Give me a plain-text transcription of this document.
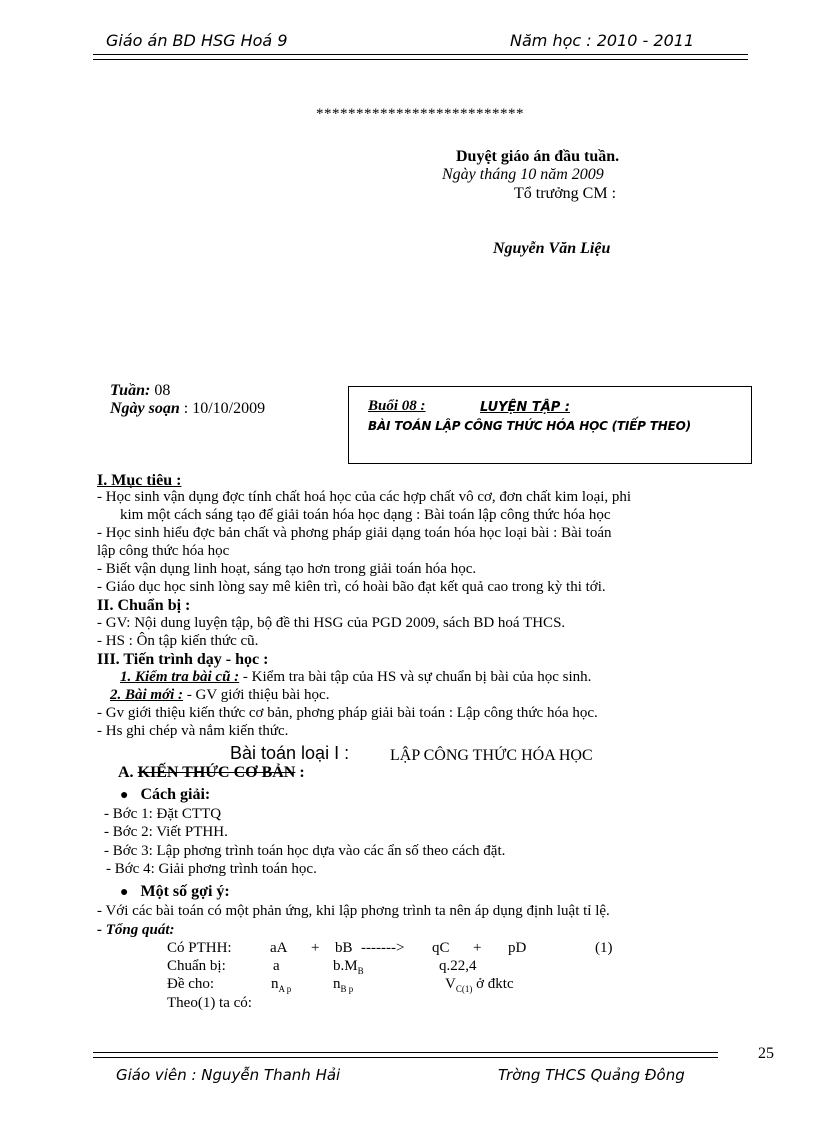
Giáo án BD HSG Hoá 9	Năm học : 2010 - 2011
**************************
Duyệt giáo án đầu tuần.
Ngày tháng 10 năm 2009
Tổ trưởng CM :
Nguyễn Văn Liệu
Tuần: 08
Ngày soạn : 10/10/2009	Buổi 08 :	LUYỆN TẬP :
BÀI TOÁN LẬP CÔNG THỨC HÓA HỌC (TIẾP THEO)
I. Mục tiêu :
- Học sinh vận dụng đợc tính chất hoá học của các hợp chất vô cơ, đơn chất kim loại, phi
kim một cách sáng tạo để giải toán hóa học dạng : Bài toán lập công thức hóa học
- Học sinh hiểu đợc bản chất và phơng pháp giải dạng toán hóa học loại bài : Bài toán
lập công thức hóa học
- Biết vận dụng linh hoạt, sáng tạo hơn trong giải toán hóa học.
- Giáo dục học sinh lòng say mê kiên trì, có hoài bão đạt kết quả cao trong kỳ thi tới.
II. Chuẩn bị :
- GV: Nội dung luyện tập, bộ đề thi HSG của PGD 2009, sách BD hoá THCS.
- HS : Ôn tập kiến thức cũ.
III. Tiến trình dạy - học :
1. Kiểm tra bài cũ : - Kiểm tra bài tập của HS và sự chuẩn bị bài của học sinh.
2. Bài mới : - GV giới thiệu bài học.
- Gv giới thiệu kiến thức cơ bản, phơng pháp giải bài toán : Lập công thức hóa học.
- Hs ghi chép và nắm kiến thức.
Bài toán loại I :	LẬP CÔNG THỨC HÓA HỌC
A. KIẾN THỨC CƠ BẢN :
● Cách giải:
- Bớc 1: Đặt CTTQ
- Bớc 2: Viết PTHH.
- Bớc 3: Lập phơng trình toán học dựa vào các ẩn số theo cách đặt.
- Bớc 4: Giải phơng trình toán học.
● Một số gợi ý:
- Với các bài toán có một phản ứng, khi lập phơng trình ta nên áp dụng định luật tỉ lệ.
- Tổng quát:
Có PTHH:	aA + bB -------> qC + pD	(1)
Chuẩn bị:	a	$b.M_B$	q.22,4
Đề cho:	$n_{A p}$	$n_{B p}$	$V_{C(1)}$ ở đktc
Theo(1) ta có:
25
Giáo viên : Nguyễn Thanh Hải	Trờng THCS Quảng Đông
